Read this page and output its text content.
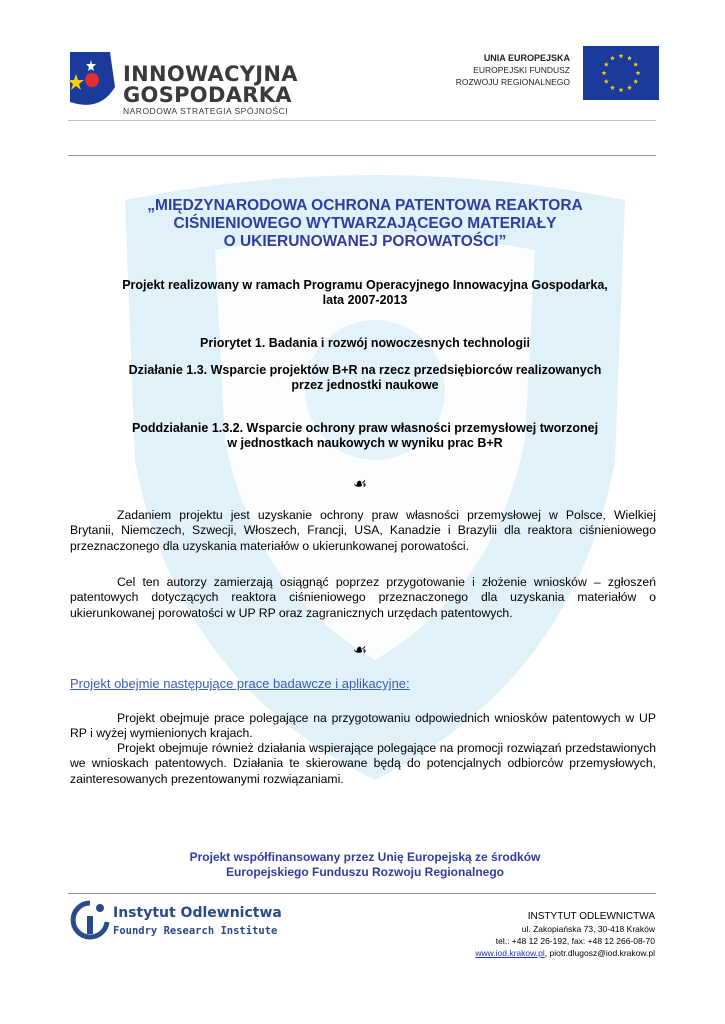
INNOWACYJNA
GOSPODARKA
NARODOWA STRATEGIA SPÓJNOŚCI
UNIA EUROPEJSKA
EUROPEJSKI FUNDUSZ
ROZWOJU REGIONALNEGO
„MIĘDZYNARODOWA OCHRONA PATENTOWA REAKTORA
CIŚNIENIOWEGO WYTWARZAJĄCEGO MATERIAŁY
O UKIERUNOWANEJ POROWATOŚCI”
Projekt realizowany w ramach Programu Operacyjnego Innowacyjna Gospodarka,
lata 2007-2013
Priorytet 1. Badania i rozwój nowoczesnych technologii
Działanie 1.3. Wsparcie projektów B+R na rzecz przedsiębiorców realizowanych
przez jednostki naukowe
Poddziałanie 1.3.2. Wsparcie ochrony praw własności przemysłowej tworzonej
w jednostkach naukowych w wyniku prac B+R
☙
Zadaniem projektu jest uzyskanie ochrony praw własności przemysłowej w Polsce, Wielkiej Brytanii, Niemczech, Szwecji, Włoszech, Francji, USA, Kanadzie i Brazylii dla reaktora ciśnieniowego przeznaczonego dla uzyskania materiałów o ukierunkowanej porowatości.
Cel ten autorzy zamierzają osiągnąć poprzez przygotowanie i złożenie wniosków – zgłoszeń patentowych dotyczących reaktora ciśnieniowego przeznaczonego dla uzyskania materiałów o ukierunkowanej porowatości w UP RP oraz zagranicznych urzędach patentowych.
☙
Projekt obejmie następujące prace badawcze i aplikacyjne:
Projekt obejmuje prace polegające na przygotowaniu odpowiednich wniosków patentowych w UP RP i wyżej wymienionych krajach.
Projekt obejmuje również działania wspierające polegające na promocji rozwiązań przedstawionych we wnioskach patentowych. Działania te skierowane będą do potencjalnych odbiorców przemysłowych, zainteresowanych prezentowanymi rozwiązaniami.
Projekt współfinansowany przez Unię Europejską ze środków
Europejskiego Funduszu Rozwoju Regionalnego
Instytut Odlewnictwa
Foundry Research Institute
INSTYTUT ODLEWNICTWA
ul. Zakopiańska 73, 30-418 Kraków
tel.: +48 12 26-192, fax: +48 12 266-08-70
www.iod.krakow.pl, piotr.dlugosz@iod.krakow.pl
